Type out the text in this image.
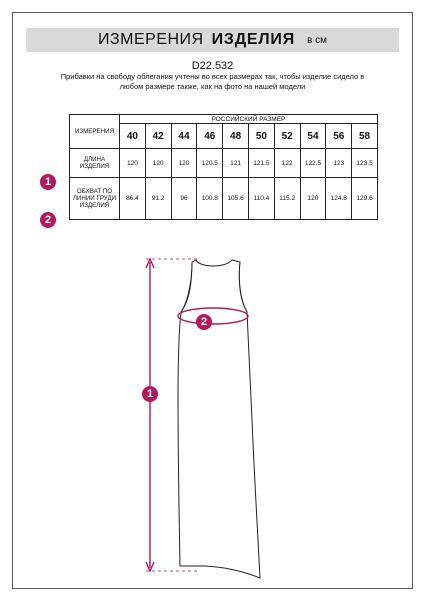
ИЗМЕРЕНИЯ ИЗДЕЛИЯ в см
D22.532
Прибавки на свободу облегания учтены во всех размерах так, чтобы изделие сидело в любом размере также, как на фото на нашей модели
ИЗМЕРЕНИЯ	РОССИЙСКИЙ РАЗМЕР									
	40	42	44	46	48	50	52	54	56	58
ДЛИНА ИЗДЕЛИЯ	120	120	120	120.5	121	121.5	122	122.5	123	123.5
ОБХВАТ ПО ЛИНИИ ГРУДИ ИЗДЕЛИЯ	86.4	91.2	96	100.8	105.6	110.4	115.2	120	124.8	129.6
1
2
1
2
